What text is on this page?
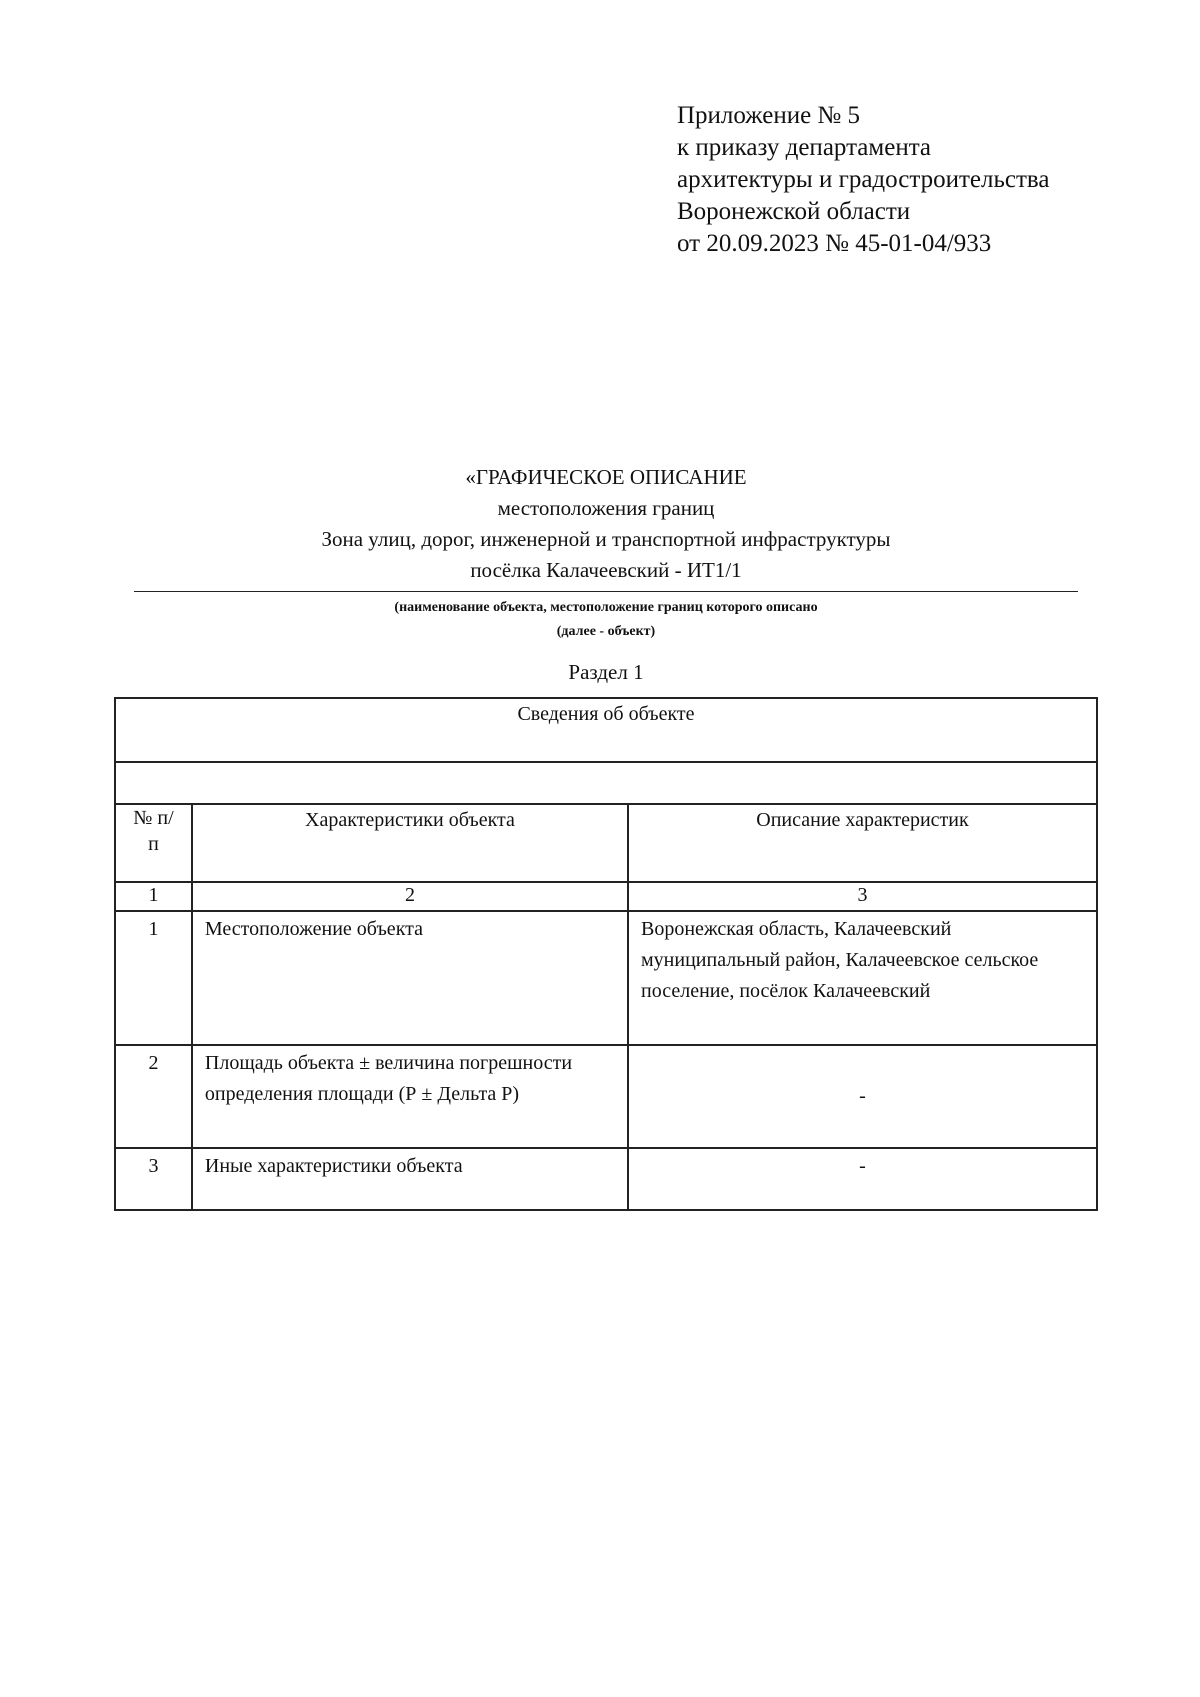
Приложение № 5
к приказу департамента
архитектуры и градостроительства
Воронежской области
от 20.09.2023 № 45-01-04/933
«ГРАФИЧЕСКОЕ ОПИСАНИЕ
местоположения границ
Зона улиц, дорог, инженерной и транспортной инфраструктуры
посёлка Калачеевский - ИТ1/1
(наименование объекта, местоположение границ которого описано
(далее - объект)
Раздел 1
Сведения об объекте		

№ п/п	Характеристики объекта	Описание характеристик
1	2	3
1	Местоположение объекта	Воронежская область, Калачеевский муниципальный район, Калачеевское сельское поселение, посёлок Калачеевский
2	Площадь объекта ± величина погрешности определения площади (Р ± Дельта Р)	-
3	Иные характеристики объекта	-
